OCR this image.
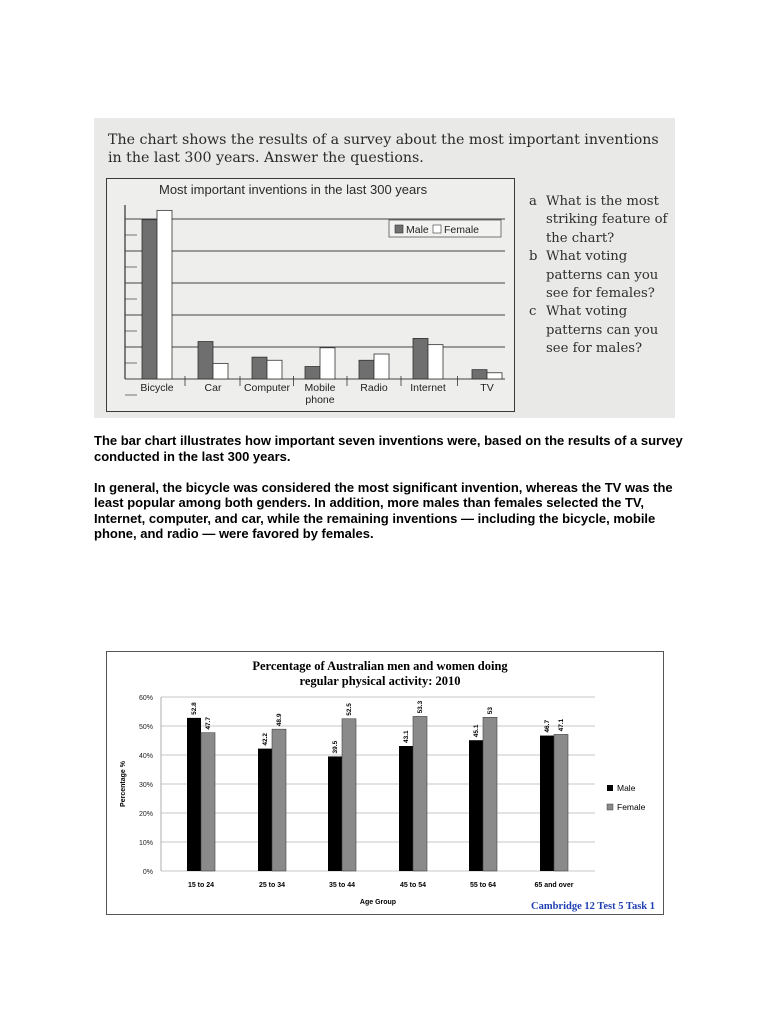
The chart shows the results of a survey about the most important inventions in the last 300 years. Answer the questions.

Most important inventions in the last 300 years
Bicycle	Car Computer Mobile phone
Radio Internet	TV
Male Female
a What is the most striking feature of the chart?
b What voting patterns can you see for females?
c What voting patterns can you see for males?

The bar chart illustrates how important seven inventions were, based on the results of a survey conducted in the last 300 years.

In general, the bicycle was considered the most significant invention, whereas the TV was the least popular among both genders. In addition, more males than females selected the TV, Internet, computer, and car, while the remaining inventions — including the bicycle, mobile phone, and radio — were favored by females.

Percentage of Australian men and women doing
regular physical activity: 2010
0%
10%
20%
30%
40%
50%
60%
Percentage %
52.8
47.7
15 to 24
42.2
48.9
25 to 34
39.5
52.5
35 to 44
43.1
53.3
45 to 54
45.1
53
55 to 64
46.7 47.1
65 and over
Age Group
Male
Female
Cambridge 12 Test 5 Task 1
